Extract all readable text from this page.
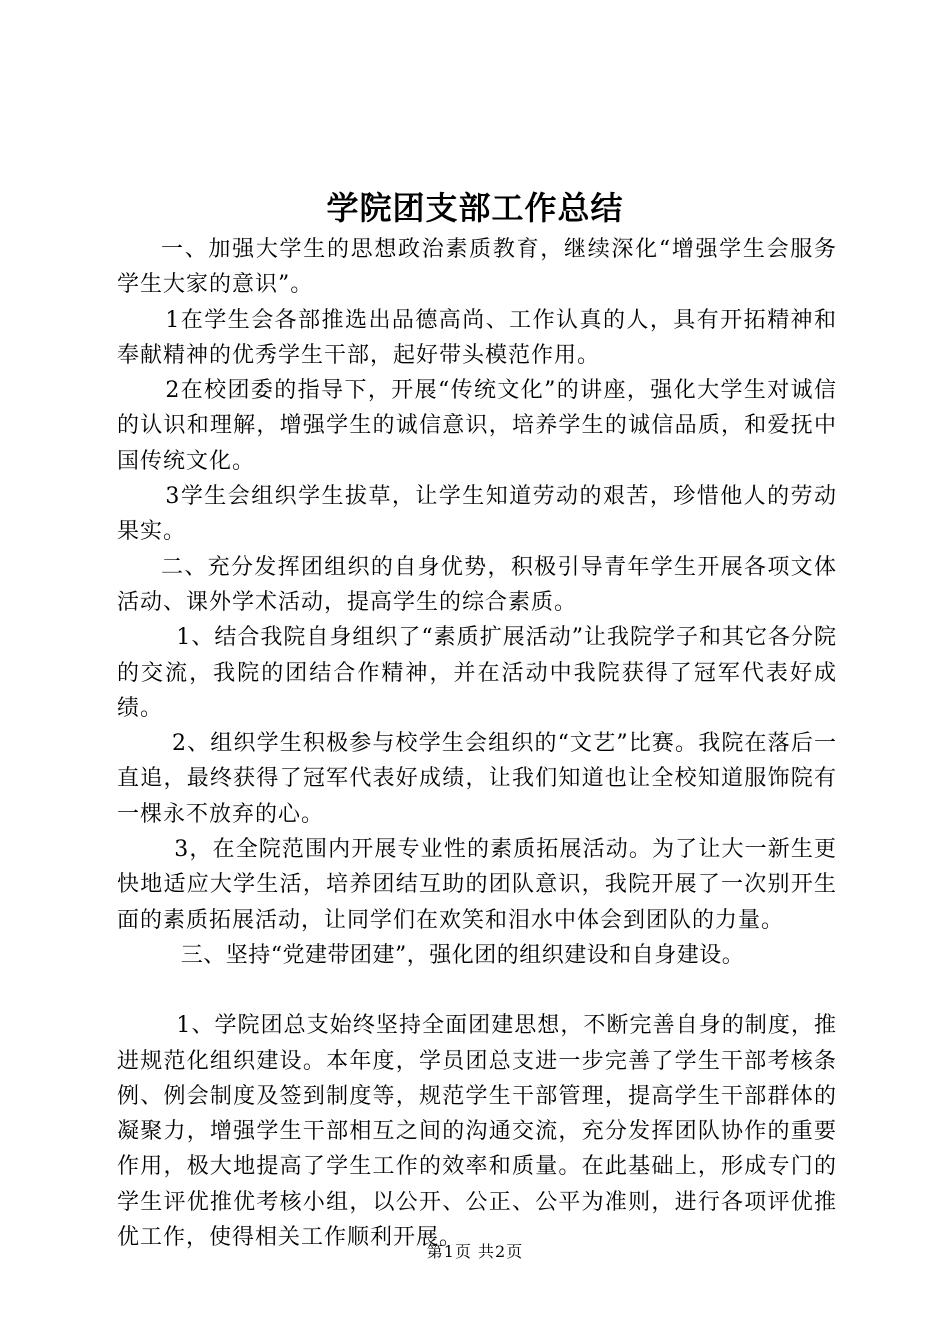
学院团支部工作总结

一、加强大学生的思想政治素质教育，继续深化“增强学生会服务学生大家的意识”。

1在学生会各部推选出品德高尚、工作认真的人，具有开拓精神和奉献精神的优秀学生干部，起好带头模范作用。

2在校团委的指导下，开展“传统文化”的讲座，强化大学生对诚信的认识和理解，增强学生的诚信意识，培养学生的诚信品质，和爱抚中国传统文化。

3学生会组织学生拔草，让学生知道劳动的艰苦，珍惜他人的劳动果实。

二、充分发挥团组织的自身优势，积极引导青年学生开展各项文体活动、课外学术活动，提高学生的综合素质。

1、结合我院自身组织了“素质扩展活动”让我院学子和其它各分院的交流，我院的团结合作精神，并在活动中我院获得了冠军代表好成绩。

2、组织学生积极参与校学生会组织的“文艺”比赛。我院在落后一直追，最终获得了冠军代表好成绩，让我们知道也让全校知道服饰院有一棵永不放弃的心。

3，在全院范围内开展专业性的素质拓展活动。为了让大一新生更快地适应大学生活，培养团结互助的团队意识，我院开展了一次别开生面的素质拓展活动，让同学们在欢笑和泪水中体会到团队的力量。

三、坚持“党建带团建”，强化团的组织建设和自身建设。

1、学院团总支始终坚持全面团建思想，不断完善自身的制度，推进规范化组织建设。本年度，学员团总支进一步完善了学生干部考核条例、例会制度及签到制度等，规范学生干部管理，提高学生干部群体的凝聚力，增强学生干部相互之间的沟通交流，充分发挥团队协作的重要作用，极大地提高了学生工作的效率和质量。在此基础上，形成专门的学生评优推优考核小组，以公开、公正、公平为准则，进行各项评优推优工作，使得相关工作顺利开展。

第1页 共2页
